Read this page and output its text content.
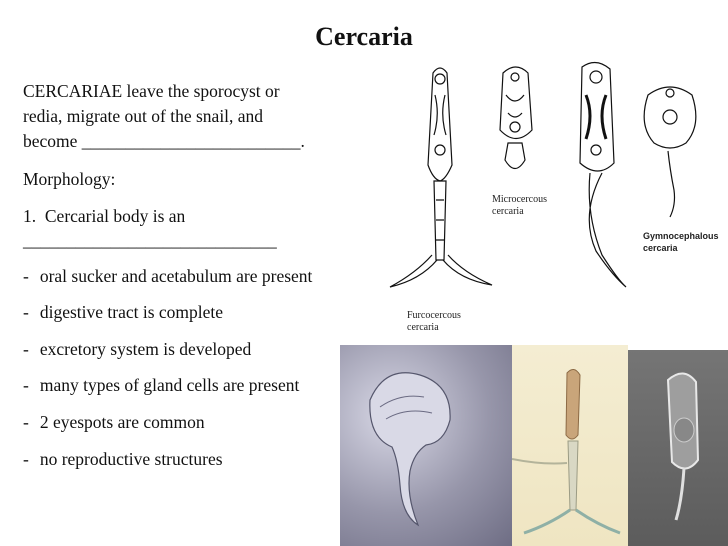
Cercaria
CERCARIAE leave the sporocyst or
redia, migrate out of the snail, and
become _________________________.
Morphology:
1.  Cercarial body is an
_____________________________
- oral sucker and acetabulum are present
- digestive tract is complete
- excretory system is developed
- many types of gland cells are present
- 2 eyespots are common
- no reproductive structures
Microcercous
cercaria
Gymnocephalous
cercaria
Furcocercous
cercaria
